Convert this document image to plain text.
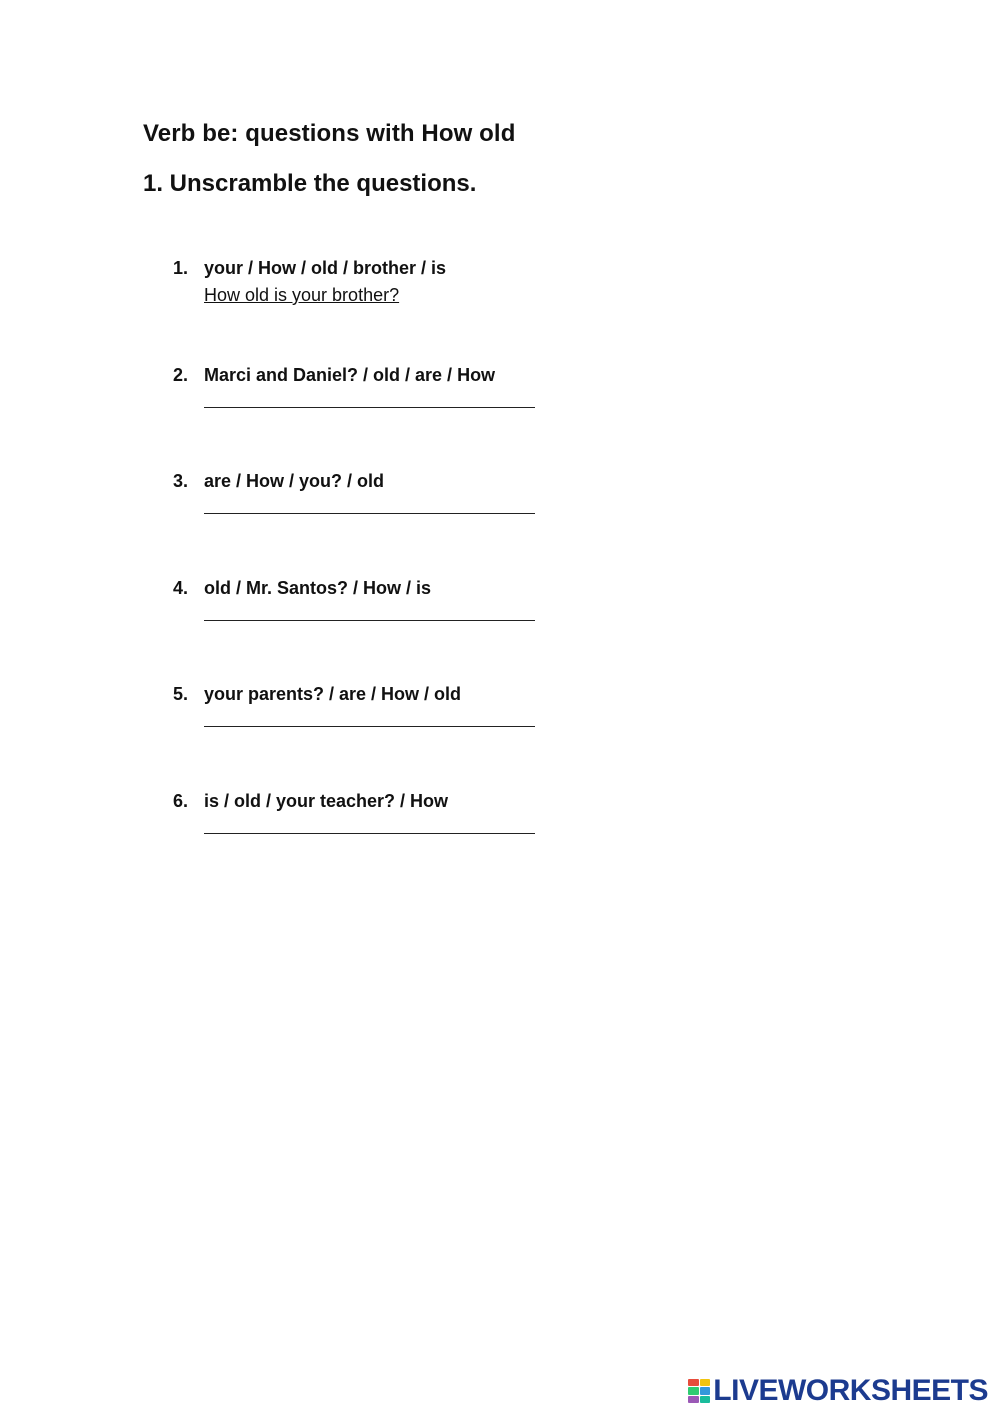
Verb be: questions with How old
1. Unscramble the questions.
1. your / How / old / brother / is
How old is your brother?
2. Marci and Daniel? / old / are / How
3. are / How / you? / old
4. old / Mr. Santos? / How / is
5. your parents? / are / How / old
6. is / old / your teacher? / How
LIVEWORKSHEETS
